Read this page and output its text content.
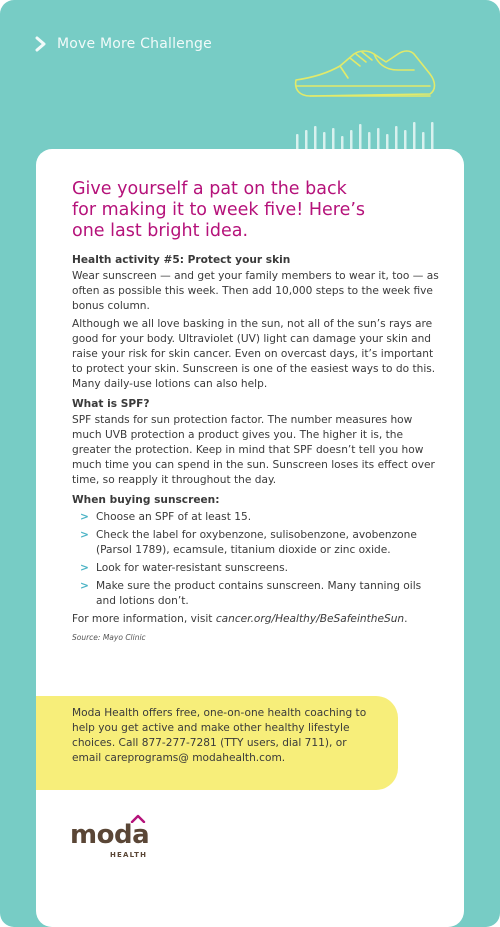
Move More Challenge
Give yourself a pat on the back
for making it to week five! Here’s
one last bright idea.
Health activity #5: Protect your skin

Wear sunscreen — and get your family members to wear it, too — as often as possible this week. Then add 10,000 steps to the week five bonus column.

Although we all love basking in the sun, not all of the sun’s rays are good for your body. Ultraviolet (UV) light can damage your skin and raise your risk for skin cancer. Even on overcast days, it’s important to protect your skin. Sunscreen is one of the easiest ways to do this. Many daily-use lotions can also help.

What is SPF?

SPF stands for sun protection factor. The number measures how much UVB protection a product gives you. The higher it is, the greater the protection. Keep in mind that SPF doesn’t tell you how much time you can spend in the sun. Sunscreen loses its effect over time, so reapply it throughout the day.

When buying sunscreen:
> Choose an SPF of at least 15.
> Check the label for oxybenzone, sulisobenzone, avobenzone (Parsol 1789), ecamsule, titanium dioxide or zinc oxide.
> Look for water-resistant sunscreens.
> Make sure the product contains sunscreen. Many tanning oils and lotions don’t.

For more information, visit cancer.org/Healthy/BeSafeintheSun.

Source: Mayo Clinic
Moda Health offers free, one-on-one health coaching to help you get active and make other healthy lifestyle choices. Call 877-277-7281 (TTY users, dial 711), or email careprograms@ modahealth.com.
moda
HEALTH
